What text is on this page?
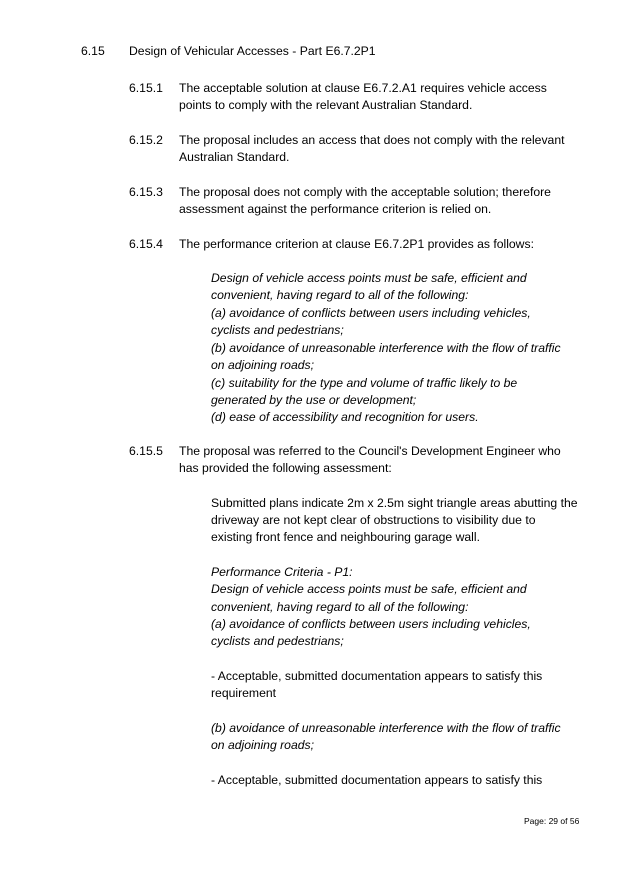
6.15 Design of Vehicular Accesses - Part E6.7.2P1
6.15.1 The acceptable solution at clause E6.7.2.A1 requires vehicle access
points to comply with the relevant Australian Standard.
6.15.2 The proposal includes an access that does not comply with the relevant
Australian Standard.
6.15.3 The proposal does not comply with the acceptable solution; therefore
assessment against the performance criterion is relied on.
6.15.4 The performance criterion at clause E6.7.2P1 provides as follows:
Design of vehicle access points must be safe, efficient and
convenient, having regard to all of the following:
(a) avoidance of conflicts between users including vehicles,
cyclists and pedestrians;
(b) avoidance of unreasonable interference with the flow of traffic
on adjoining roads;
(c) suitability for the type and volume of traffic likely to be
generated by the use or development;
(d) ease of accessibility and recognition for users.
6.15.5 The proposal was referred to the Council's Development Engineer who
has provided the following assessment:
Submitted plans indicate 2m x 2.5m sight triangle areas abutting the
driveway are not kept clear of obstructions to visibility due to
existing front fence and neighbouring garage wall.
Performance Criteria - P1:
Design of vehicle access points must be safe, efficient and
convenient, having regard to all of the following:
(a) avoidance of conflicts between users including vehicles,
cyclists and pedestrians;
- Acceptable, submitted documentation appears to satisfy this
requirement
(b) avoidance of unreasonable interference with the flow of traffic
on adjoining roads;
- Acceptable, submitted documentation appears to satisfy this
Page: 29 of 56
